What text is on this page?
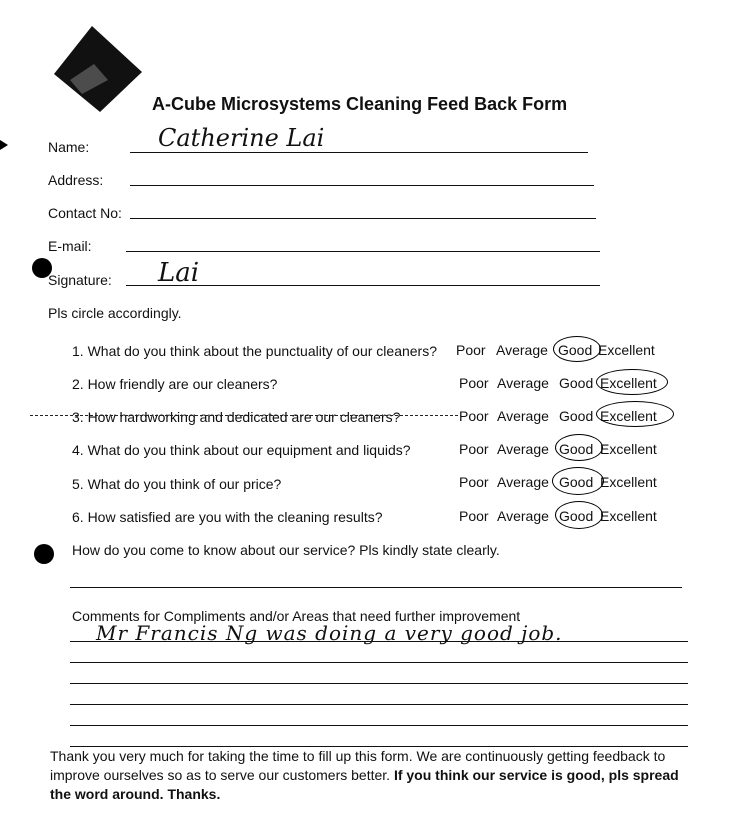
A-Cube Microsystems Cleaning Feed Back Form
Name:	Catherine Lai
Address:
Contact No:
E-mail:
Signature: Lai
Pls circle accordingly.
1. What do you think about the punctuality of our cleaners? Poor Average Good Excellent
2. How friendly are our cleaners?	Poor Average Good Excellent
3. How hardworking and dedicated are our cleaners?	Poor Average Good Excellent
4. What do you think about our equipment and liquids?	Poor Average Good Excellent
5. What do you think of our price?	Poor Average Good Excellent
6. How satisfied are you with the cleaning results?	Poor Average Good Excellent
How do you come to know about our service? Pls kindly state clearly.
Comments for Compliments and/or Areas that need further improvement
Mr Francis Ng was doing a very good job.
Thank you very much for taking the time to fill up this form. We are continuously getting feedback to improve ourselves so as to serve our customers better. If you think our service is good, pls spread the word around. Thanks.
